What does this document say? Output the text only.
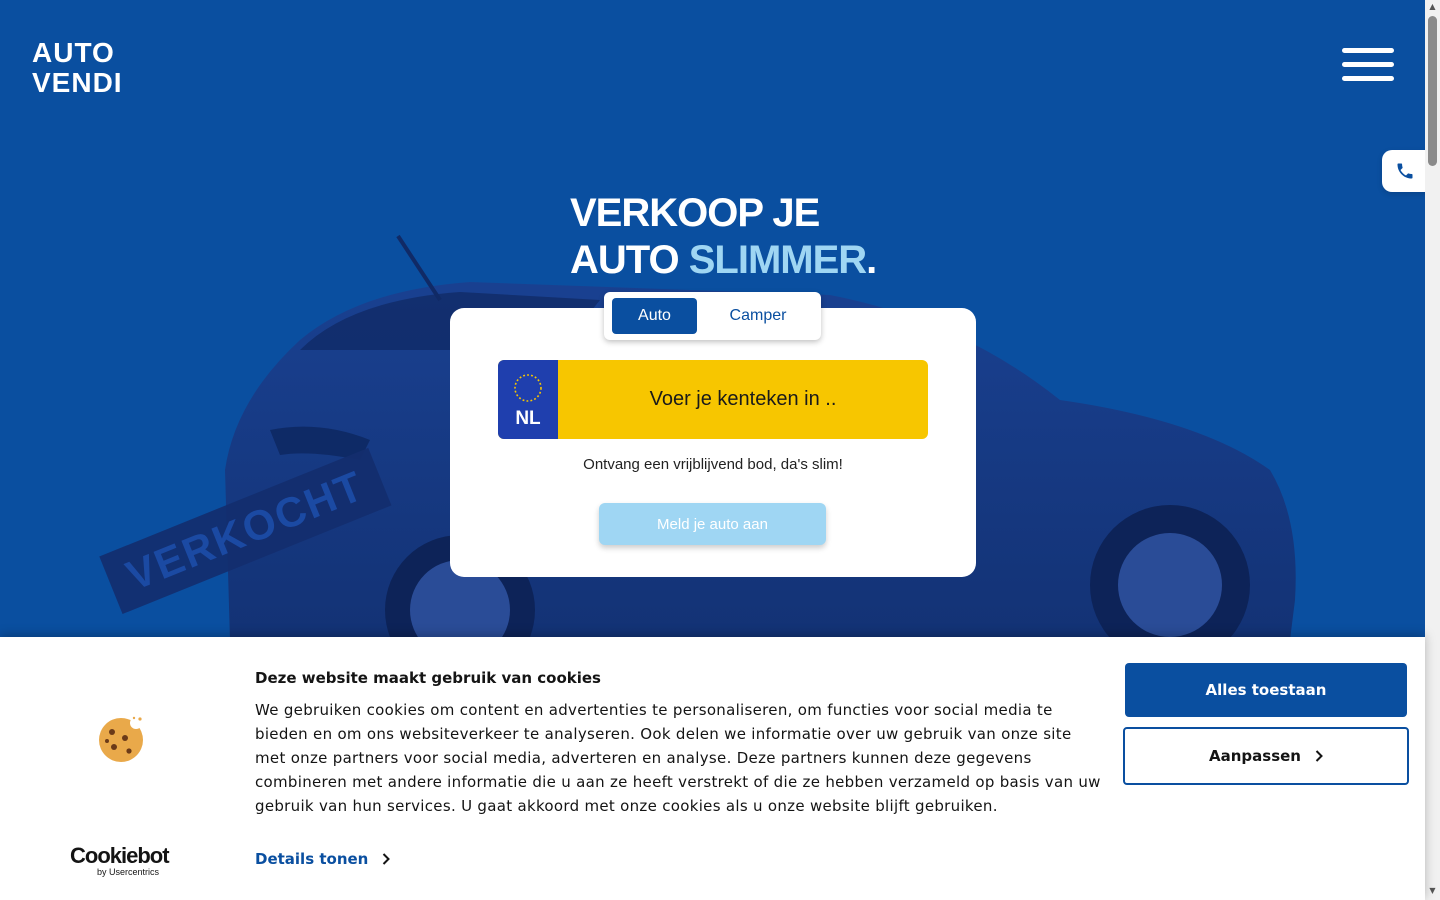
VERKOCHT
AUTO
VENDI
VERKOOP JE
AUTO SLIMMER.
Auto	Camper
NL
Voer je kenteken in ..
Ontvang een vrijblijvend bod, da's slim!
Meld je auto aan
▲
▼
Cookiebot
by Usercentrics
Deze website maakt gebruik van cookies
We gebruiken cookies om content en advertenties te personaliseren, om functies voor social media te bieden en om ons websiteverkeer te analyseren. Ook delen we informatie over uw gebruik van onze site met onze partners voor social media, adverteren en analyse. Deze partners kunnen deze gegevens combineren met andere informatie die u aan ze heeft verstrekt of die ze hebben verzameld op basis van uw gebruik van hun services. U gaat akkoord met onze cookies als u onze website blijft gebruiken.
Details tonen
Alles toestaan
Aanpassen
